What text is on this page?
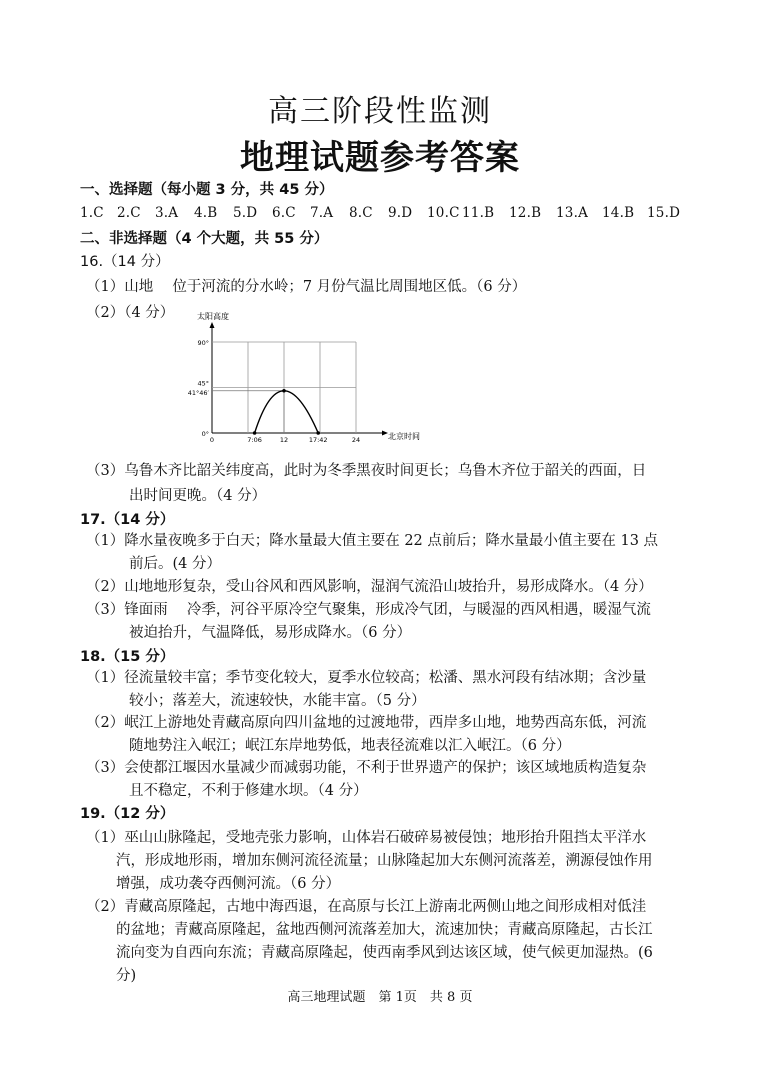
高三阶段性监测
地理试题参考答案
一、选择题（每小题 3 分，共 45 分）
1.C 2.C 3.A 4.B 5.D 6.C 7.A 8.C 9.D 10.C 11.B 12.B 13.A 14.B 15.D
二、非选择题（4 个大题，共 55 分）
16.（14 分）
（1）山地　 位于河流的分水岭；7 月份气温比周围地区低。（6 分）
（2）（4 分）	太阳高度
北京时间
90°
45°
41°46′
0°
0	7:06	12	17:42	24
（3）乌鲁木齐比韶关纬度高，此时为冬季黑夜时间更长；乌鲁木齐位于韶关的西面，日
出时间更晚。（4 分）
17.（14 分）
（1）降水量夜晚多于白天；降水量最大值主要在 22 点前后；降水量最小值主要在 13 点
前后。(4 分）
（2）山地地形复杂，受山谷风和西风影响，湿润气流沿山坡抬升，易形成降水。（4 分）
（3）锋面雨　 冷季，河谷平原冷空气聚集，形成冷气团，与暖湿的西风相遇，暖湿气流
被迫抬升，气温降低，易形成降水。（6 分）
18.（15 分）
（1）径流量较丰富；季节变化较大，夏季水位较高；松潘、黑水河段有结冰期；含沙量
较小；落差大，流速较快，水能丰富。（5 分）
（2）岷江上游地处青藏高原向四川盆地的过渡地带，西岸多山地，地势西高东低，河流
随地势注入岷江；岷江东岸地势低，地表径流难以汇入岷江。（6 分）
（3）会使都江堰因水量减少而减弱功能，不利于世界遗产的保护；该区域地质构造复杂
且不稳定，不利于修建水坝。（4 分）
19.（12 分）
（1）巫山山脉隆起，受地壳张力影响，山体岩石破碎易被侵蚀；地形抬升阻挡太平洋水
汽，形成地形雨，增加东侧河流径流量；山脉隆起加大东侧河流落差，溯源侵蚀作用
增强，成功袭夺西侧河流。（6 分）
（2）青藏高原隆起，古地中海西退，在高原与长江上游南北两侧山地之间形成相对低洼
的盆地；青藏高原隆起，盆地西侧河流落差加大，流速加快；青藏高原隆起，古长江
流向变为自西向东流；青藏高原隆起，使西南季风到达该区域，使气候更加湿热。(6
分)
高三地理试题　第 1页　共 8 页
